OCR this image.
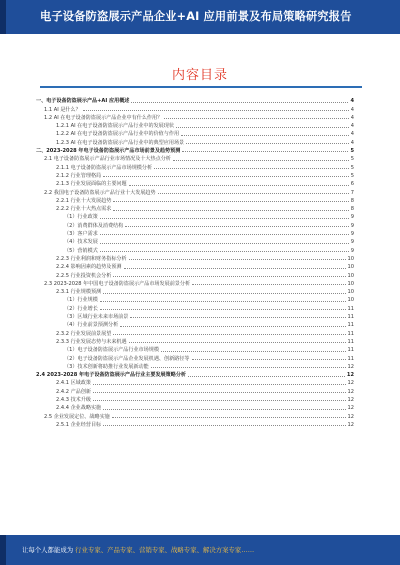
电子设备防盗展示产品企业+AI 应用前景及布局策略研究报告
内容目录
一、电子设备防盗展示产品+AI 应用概述	4
1.1 AI 是什么？	4
1.2 AI 在电子设备防盗展示产品企业中有什么作用？	4
1.2.1 AI 在电子设备防盗展示产品行业中的发展现状	4
1.2.2 AI 在电子设备防盗展示产品行业中的价值与作用	4
1.2.3 AI 在电子设备防盗展示产品行业中的典型应用场景	4
二、2023-2028 年电子设备防盗展示产品市场前景及趋势预测	5
2.1 电子设备防盗展示产品行业市场情况及十大热点分析	5
2.1.1 电子设备防盗展示产品市场规模分析	5
2.1.2 行业管理格局	5
2.1.3 行业发展面临的主要问题	6
2.2 我国电子设备防盗展示产品行业十大发展趋势	7
2.2.1 行业十大发展趋势	8
2.2.2 行业十大热点需求	8
（1）行业政策	9
（2）消费群体及消费结构	9
（3）客户需求	9
（4）技术发展	9
（5）营销模式	9
2.2.3 行业利润和财务指标分析	10
2.2.4 影响因素的趋势及预测	10
2.2.5 行业投资机会分析	10
2.3 2023-2028 年中国电子设备防盗展示产品市场发展前景分析	10
2.3.1 行业规模预测	10
（1）行业规模	10
（2）行业增长	11
（3）区域行业未来市场前景	11
（4）行业前景预测分析	11
2.3.2 行业发展前景展望	11
2.3.3 行业发展态势与未来机遇	11
（1）电子设备防盗展示产品行业市场规模	11
（2）电子设备防盗展示产品企业发展机遇、创新路径等	11
（3）技术创新将助推行业发展新动能	12
2.4 2023-2028 年电子设备防盗展示产品行业主要发展策略分析	12
2.4.1 区域政策	12
2.4.2 产品创新	12
2.4.3 技术升级	12
2.4.4 企业战略实施	12
2.5 企业发展定位、战略实施	12
2.5.1 企业经营目标	12
让每个人都能成为 行业专家、产品专家、营销专家、战略专家、解决方案专家……
